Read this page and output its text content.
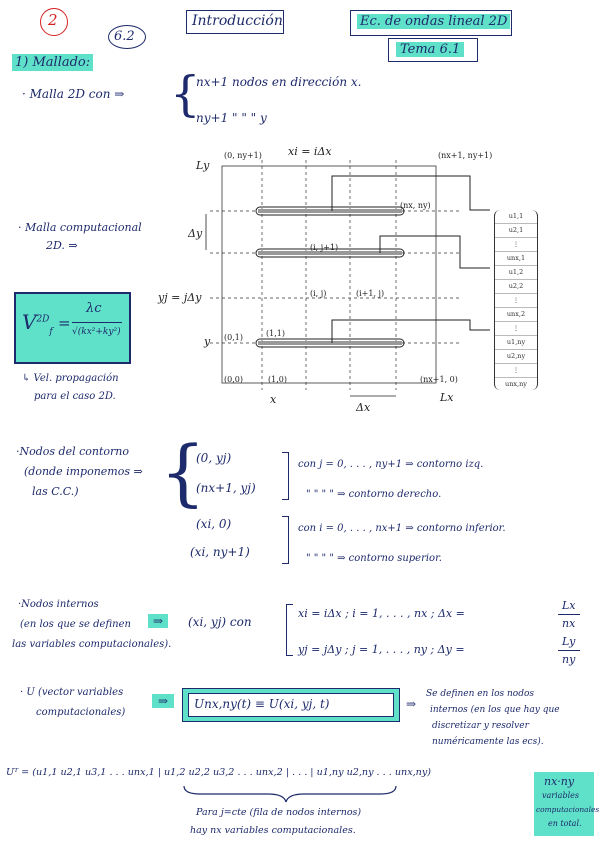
2
6.2
Introducción	Ec. de ondas lineal 2D
Tema 6.1
1) Mallado:
· Malla 2D con ⇒ {
nx+1 nodos en dirección x.
ny+1 " " " y
· Malla computacional
2D. ⇒
$V^{2D}_f$ =
λc
√(kx²+ky²)
↳ Vel. propagación
para el caso 2D.
xi = iΔx
Ly
Δy
yj = jΔy
y
x
Δx
Lx
(0, ny+1)	(nx+1, ny+1)
(0,0)	(1,0)	(nx+1, 0)
(0,1)	(1,1)
(i, j)	(i+1, j)
(i, j+1)
(nx, ny)
u1,1
u2,1
⋮
unx,1
u1,2
u2,2
⋮
unx,2
⋮
u1,ny
u2,ny
⋮
unx,ny
·Nodos del contorno
(donde imponemos ⇒
las C.C.) {
(0, yj)
(nx+1, yj)
(xi, 0)
(xi, ny+1)
con j = 0, . . . , ny+1 ⇒ contorno izq.
" " " " ⇒ contorno derecho.
con i = 0, . . . , nx+1 ⇒ contorno inferior.
" " " " ⇒ contorno superior.
·Nodos internos
(en los que se definen
las variables computacionales).
⇒	(xi, yj) con
xi = iΔx ; i = 1, . . . , nx ; Δx =
Lx
nx
yj = jΔy ; j = 1, . . . , ny ; Δy =
Ly
ny
· U (vector variables
computacionales)
⇒	Unx,ny(t) ≡ U(xi, yj, t)	⇒
Se definen en los nodos
internos (en los que hay que
discretizar y resolver
numéricamente las ecs).
Uᵀ = (u1,1 u2,1 u3,1 . . . unx,1 | u1,2 u2,2 u3,2 . . . unx,2 | . . . | u1,ny u2,ny . . . unx,ny)
Para j=cte (fila de nodos internos)
hay nx variables computacionales.
nx·ny
variables
computacionales
en total.
